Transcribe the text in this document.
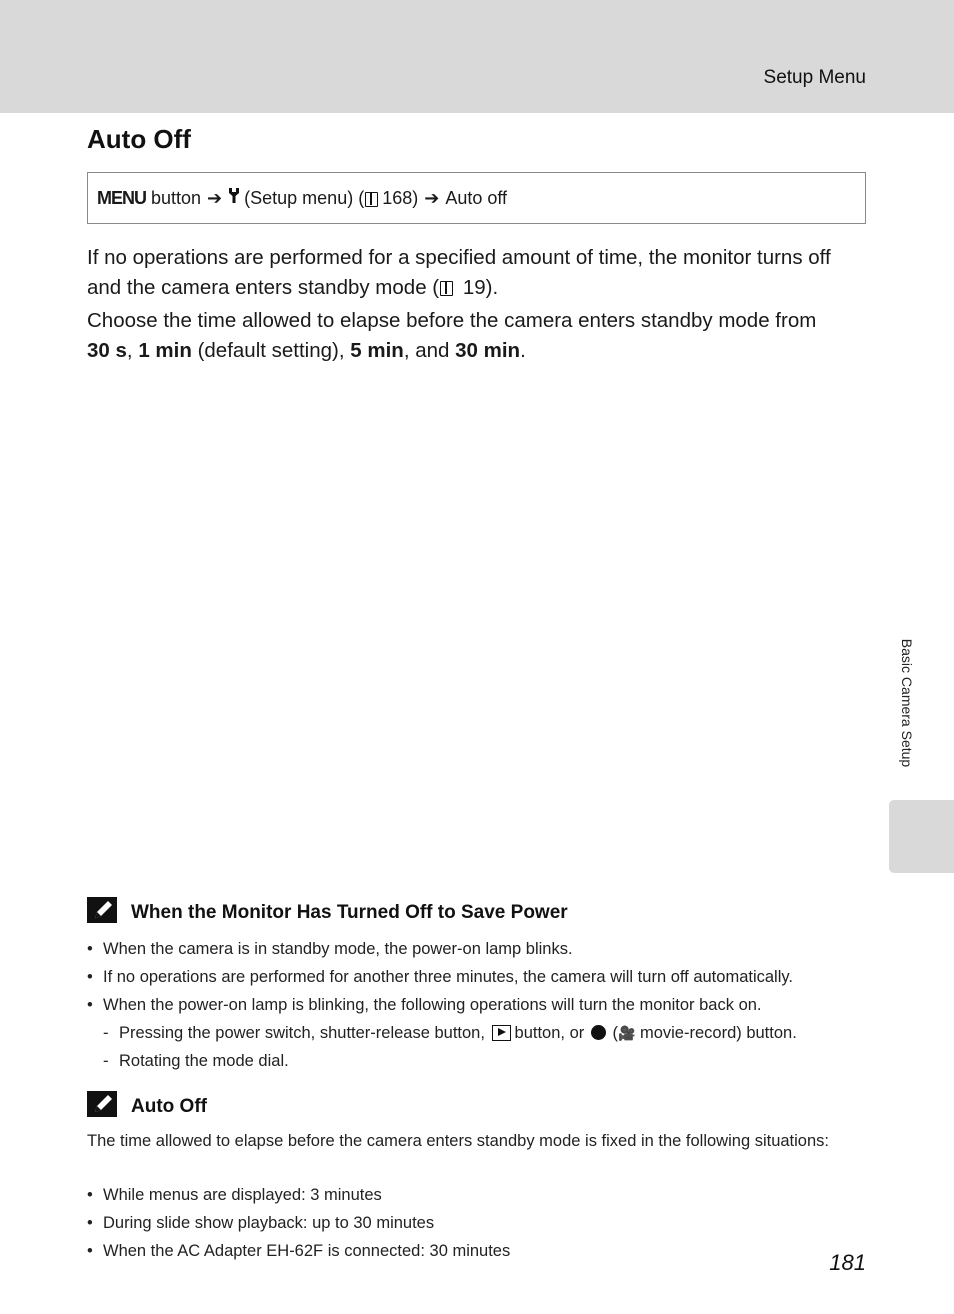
Setup Menu
Auto Off
MENU button ➔ (Setup menu) ( 168 ) ➔ Auto off

If no operations are performed for a specified amount of time, the monitor turns off and the camera enters standby mode ( 19).

Choose the time allowed to elapse before the camera enters standby mode from
30 s, 1 min (default setting), 5 min, and 30 min.

Basic Camera Setup
When the Monitor Has Turned Off to Save Power
• When the camera is in standby mode, the power-on lamp blinks.
• If no operations are performed for another three minutes, the camera will turn off automatically.
• When the power-on lamp is blinking, the following operations will turn the monitor back on.
- Pressing the power switch, shutter-release button, button, or (🎥 movie-record) button.
- Rotating the mode dial.
Auto Off

The time allowed to elapse before the camera enters standby mode is fixed in the following situations:

• While menus are displayed: 3 minutes
• During slide show playback: up to 30 minutes
• When the AC Adapter EH-62F is connected: 30 minutes	181
